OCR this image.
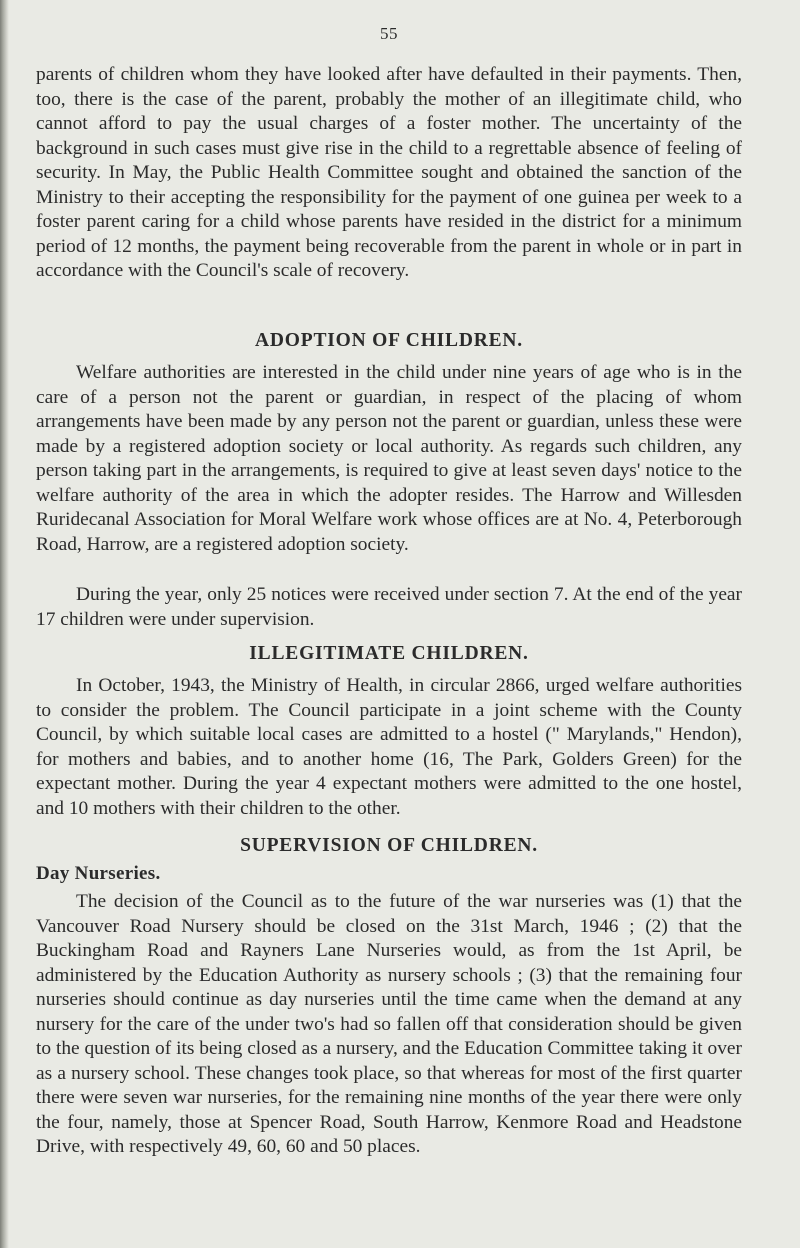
55

parents of children whom they have looked after have defaulted in their payments. Then, too, there is the case of the parent, probably the mother of an illegitimate child, who cannot afford to pay the usual charges of a foster mother. The uncertainty of the background in such cases must give rise in the child to a regrettable absence of feeling of security. In May, the Public Health Committee sought and obtained the sanction of the Ministry to their accepting the responsibility for the payment of one guinea per week to a foster parent caring for a child whose parents have resided in the district for a minimum period of 12 months, the payment being recoverable from the parent in whole or in part in accordance with the Council's scale of recovery.

ADOPTION OF CHILDREN.

Welfare authorities are interested in the child under nine years of age who is in the care of a person not the parent or guardian, in respect of the placing of whom arrangements have been made by any person not the parent or guardian, unless these were made by a registered adoption society or local authority. As regards such children, any person taking part in the arrangements, is required to give at least seven days' notice to the welfare authority of the area in which the adopter resides. The Harrow and Willesden Ruridecanal Association for Moral Welfare work whose offices are at No. 4, Peterborough Road, Harrow, are a registered adoption society.

During the year, only 25 notices were received under section 7. At the end of the year 17 children were under supervision.

ILLEGITIMATE CHILDREN.

In October, 1943, the Ministry of Health, in circular 2866, urged welfare authorities to consider the problem. The Council participate in a joint scheme with the County Council, by which suitable local cases are admitted to a hostel (" Marylands," Hendon), for mothers and babies, and to another home (16, The Park, Golders Green) for the expectant mother. During the year 4 expectant mothers were admitted to the one hostel, and 10 mothers with their children to the other.

SUPERVISION OF CHILDREN.
Day Nurseries.

The decision of the Council as to the future of the war nurseries was (1) that the Vancouver Road Nursery should be closed on the 31st March, 1946 ; (2) that the Buckingham Road and Rayners Lane Nurseries would, as from the 1st April, be administered by the Education Authority as nursery schools ; (3) that the remaining four nurseries should continue as day nurseries until the time came when the demand at any nursery for the care of the under two's had so fallen off that consideration should be given to the question of its being closed as a nursery, and the Education Committee taking it over as a nursery school. These changes took place, so that whereas for most of the first quarter there were seven war nurseries, for the remaining nine months of the year there were only the four, namely, those at Spencer Road, South Harrow, Kenmore Road and Headstone Drive, with respectively 49, 60, 60 and 50 places.
